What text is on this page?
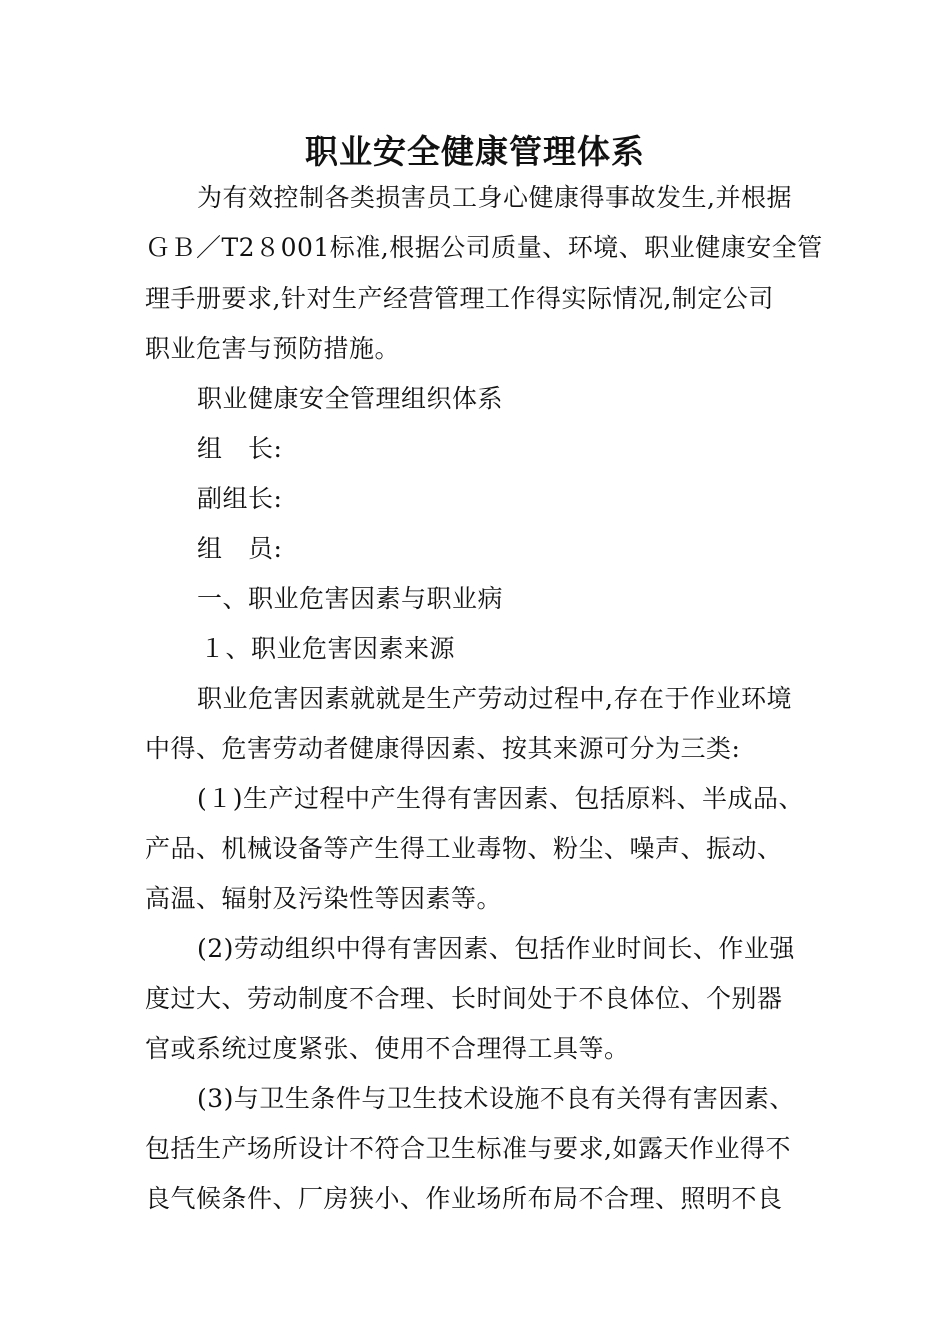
职业安全健康管理体系
为有效控制各类损害员工身心健康得事故发生,并根据
ＧＢ／T2８001标准,根据公司质量、环境、职业健康安全管
理手册要求,针对生产经营管理工作得实际情况,制定公司
职业危害与预防措施。
职业健康安全管理组织体系
组　长:
副组长:
组　员:
一、职业危害因素与职业病
１、职业危害因素来源
职业危害因素就就是生产劳动过程中,存在于作业环境
中得、危害劳动者健康得因素、按其来源可分为三类:
(１)生产过程中产生得有害因素、包括原料、半成品、
产品、机械设备等产生得工业毒物、粉尘、噪声、振动、
高温、辐射及污染性等因素等。
(2)劳动组织中得有害因素、包括作业时间长、作业强
度过大、劳动制度不合理、长时间处于不良体位、个别器
官或系统过度紧张、使用不合理得工具等。
(3)与卫生条件与卫生技术设施不良有关得有害因素、
包括生产场所设计不符合卫生标准与要求,如露天作业得不
良气候条件、厂房狭小、作业场所布局不合理、照明不良
